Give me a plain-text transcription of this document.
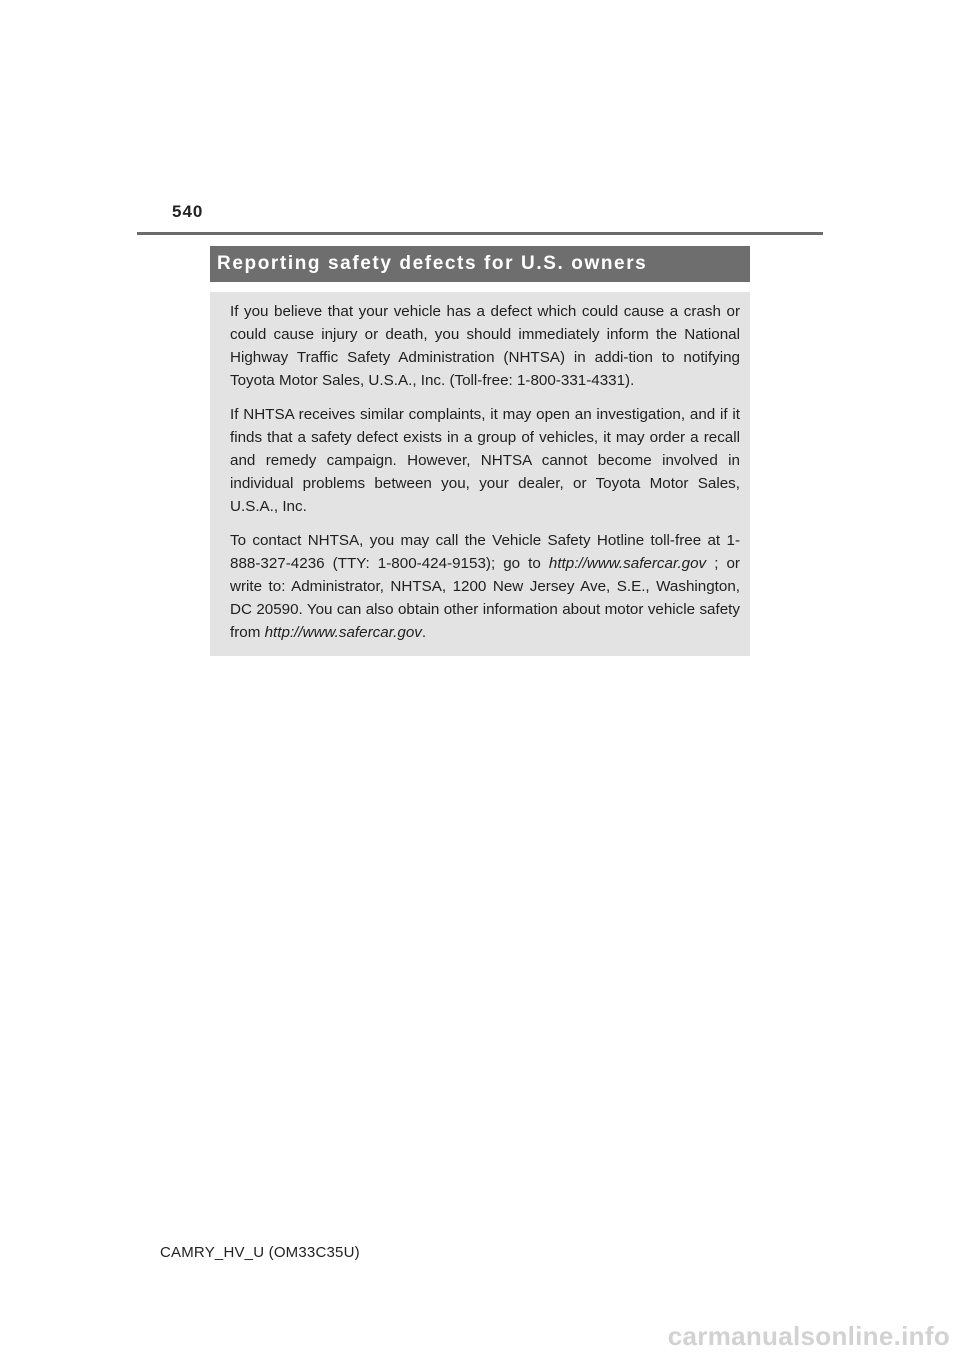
540
Reporting safety defects for U.S. owners

If you believe that your vehicle has a defect which could cause a crash or could cause injury or death, you should immediately inform the National Highway Traffic Safety Administration (NHTSA) in addi-tion to notifying Toyota Motor Sales, U.S.A., Inc. (Toll-free: 1-800-331-4331).

If NHTSA receives similar complaints, it may open an investigation, and if it finds that a safety defect exists in a group of vehicles, it may order a recall and remedy campaign. However, NHTSA cannot become involved in individual problems between you, your dealer, or Toyota Motor Sales, U.S.A., Inc.

To contact NHTSA, you may call the Vehicle Safety Hotline toll-free at 1-888-327-4236 (TTY: 1-800-424-9153); go to http://www.safercar.gov ; or write to: Administrator, NHTSA, 1200 New Jersey Ave, S.E., Washington, DC 20590. You can also obtain other information about motor vehicle safety from http://www.safercar.gov.

CAMRY_HV_U (OM33C35U)
carmanualsonline.info
